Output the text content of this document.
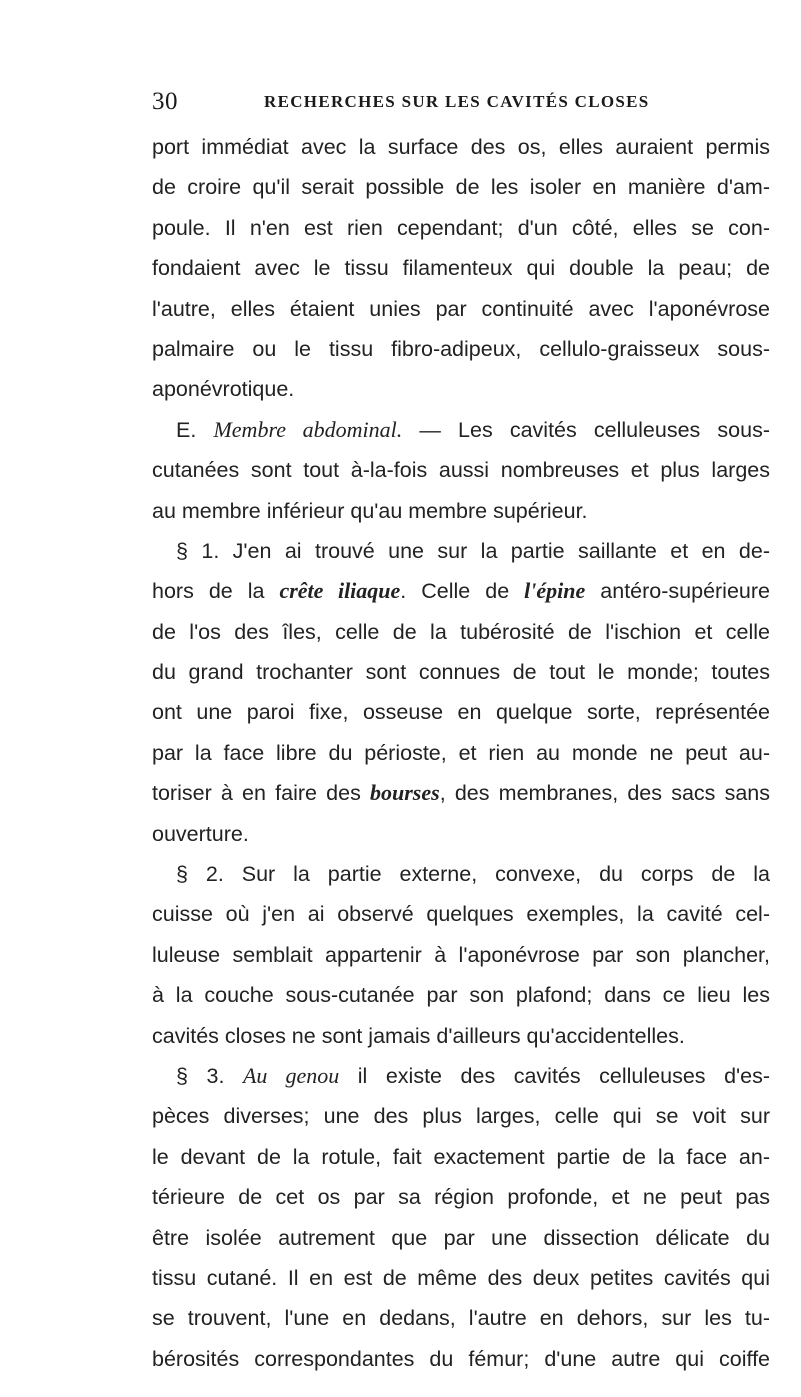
30	RECHERCHES SUR LES CAVITÉS CLOSES
port immédiat avec la surface des os, elles auraient permis
de croire qu'il serait possible de les isoler en manière d'am-
poule. Il n'en est rien cependant; d'un côté, elles se con-
fondaient avec le tissu filamenteux qui double la peau; de
l'autre, elles étaient unies par continuité avec l'aponévrose
palmaire ou le tissu fibro-adipeux, cellulo-graisseux sous-
aponévrotique.
E. Membre abdominal. — Les cavités celluleuses sous-
cutanées sont tout à-la-fois aussi nombreuses et plus larges
au membre inférieur qu'au membre supérieur.
§ 1. J'en ai trouvé une sur la partie saillante et en de-
hors de la crête iliaque. Celle de l'épine antéro-supérieure
de l'os des îles, celle de la tubérosité de l'ischion et celle
du grand trochanter sont connues de tout le monde; toutes
ont une paroi fixe, osseuse en quelque sorte, représentée
par la face libre du périoste, et rien au monde ne peut au-
toriser à en faire des bourses, des membranes, des sacs sans
ouverture.
§ 2. Sur la partie externe, convexe, du corps de la
cuisse où j'en ai observé quelques exemples, la cavité cel-
luleuse semblait appartenir à l'aponévrose par son plancher,
à la couche sous-cutanée par son plafond; dans ce lieu les
cavités closes ne sont jamais d'ailleurs qu'accidentelles.
§ 3. Au genou il existe des cavités celluleuses d'es-
pèces diverses; une des plus larges, celle qui se voit sur
le devant de la rotule, fait exactement partie de la face an-
térieure de cet os par sa région profonde, et ne peut pas
être isolée autrement que par une dissection délicate du
tissu cutané. Il en est de même des deux petites cavités qui
se trouvent, l'une en dedans, l'autre en dehors, sur les tu-
bérosités correspondantes du fémur; d'une autre qui coiffe
